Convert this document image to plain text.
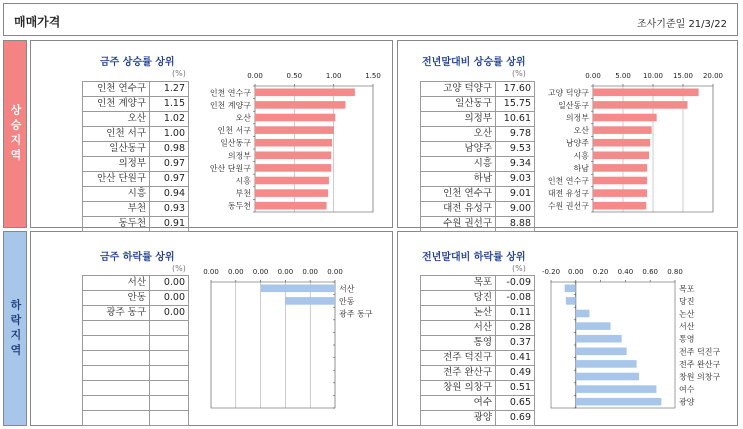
매매가격	조사기준일 21/3/22
상승지역
하락지역
금주 상승률 상위	전년말대비 상승률 상위
금주 하락률 상위	전년말대비 하락률 상위
(%)	(%)
(%)	(%)
인천 연수구	1.27
인천 계양구	1.15
오산	1.02
인천 서구	1.00
일산동구	0.98
의정부	0.97
안산 단원구	0.97
시흥	0.94
부천	0.93
동두천	0.91
고양 덕양구	17.60
일산동구	15.75
의정부	10.61
오산	9.78
남양주	9.53
시흥	9.34
하남	9.03
인천 연수구	9.01
대전 유성구	9.00
수원 권선구	8.88
서산	0.00
안동	0.00
광주 동구	0.00

목포	-0.09
당진	-0.08
논산	0.11
서산	0.28
통영	0.37
전주 덕진구	0.41
전주 완산구	0.49
창원 의창구	0.51
여수	0.65
광양	0.69
0.00	0.50	1.00	1.50
인천 연수구
인천 계양구
오산
인천 서구
일산동구
의정부
안산 단원구
시흥
부천
동두천
0.00 5.00 10.00 15.00 20.00
고양 덕양구
일산동구
의정부
오산
남양주
시흥
하남
인천 연수구
대전 유성구
수원 권선구
0.00 0.00 0.00 0.00 0.00 0.00
서산
안동
광주 동구
-0.20 0.00 0.20 0.40 0.60 0.80
목포
당진
논산
서산
통영
전주 덕진구
전주 완산구
창원 의창구
여수
광양
